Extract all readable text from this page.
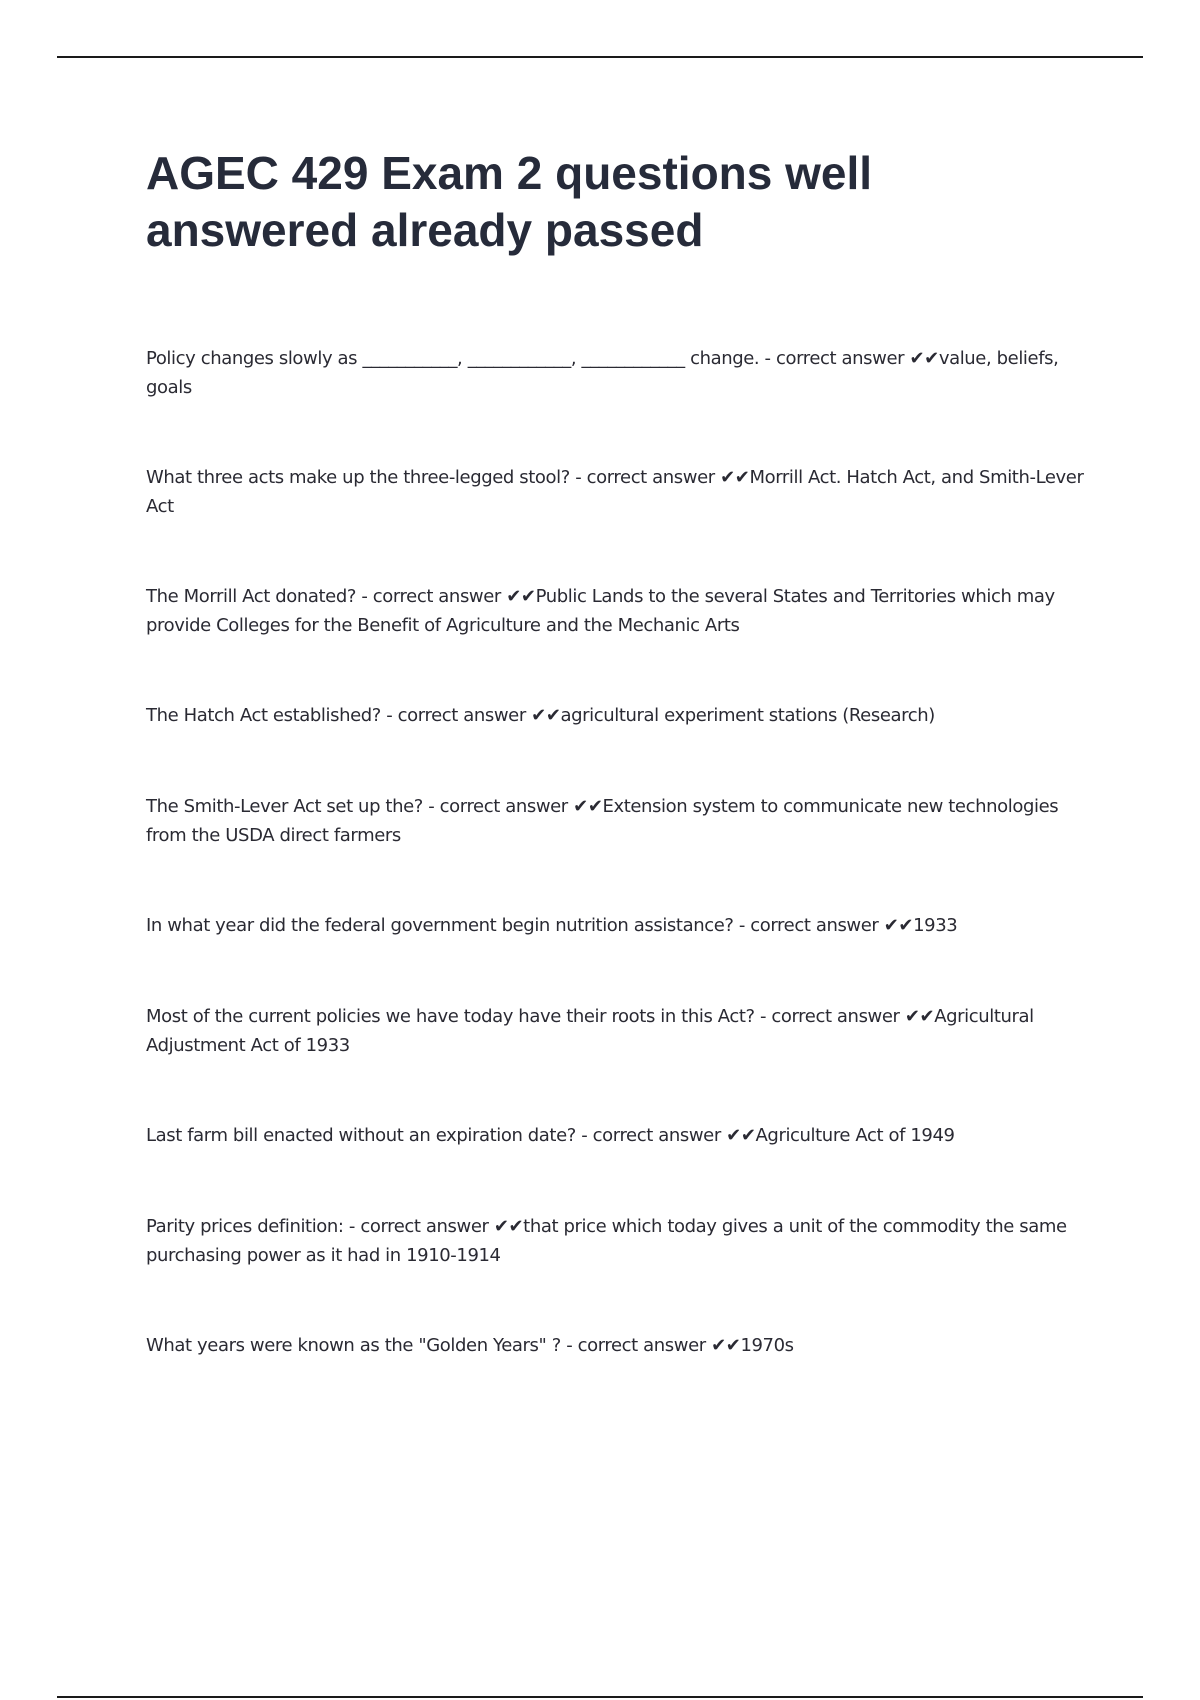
AGEC 429 Exam 2 questions well answered already passed
Policy changes slowly as ___________, ____________, ____________ change. - correct answer ✔✔value, beliefs, goals
What three acts make up the three-legged stool? - correct answer ✔✔Morrill Act. Hatch Act, and Smith-Lever Act
The Morrill Act donated? - correct answer ✔✔Public Lands to the several States and Territories which may provide Colleges for the Benefit of Agriculture and the Mechanic Arts
The Hatch Act established? - correct answer ✔✔agricultural experiment stations (Research)
The Smith-Lever Act set up the? - correct answer ✔✔Extension system to communicate new technologies from the USDA direct farmers
In what year did the federal government begin nutrition assistance? - correct answer ✔✔1933
Most of the current policies we have today have their roots in this Act? - correct answer ✔✔Agricultural Adjustment Act of 1933
Last farm bill enacted without an expiration date? - correct answer ✔✔Agriculture Act of 1949
Parity prices definition: - correct answer ✔✔that price which today gives a unit of the commodity the same purchasing power as it had in 1910-1914
What years were known as the "Golden Years" ? - correct answer ✔✔1970s
